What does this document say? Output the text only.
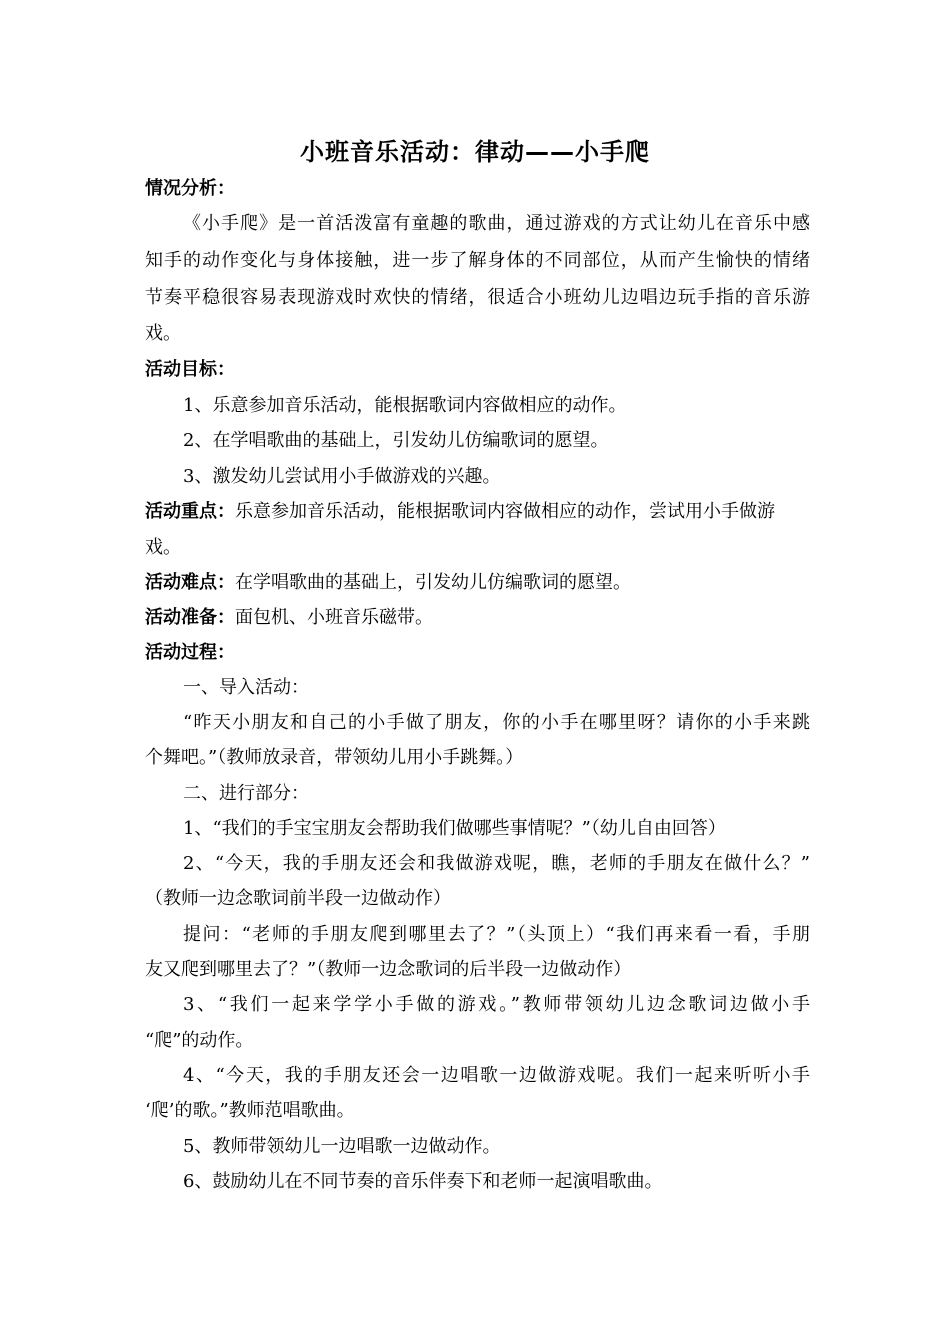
小班音乐活动：律动——小手爬
情况分析：
《小手爬》是一首活泼富有童趣的歌曲，通过游戏的方式让幼儿在音乐中感
知手的动作变化与身体接触，进一步了解身体的不同部位，从而产生愉快的情绪
节奏平稳很容易表现游戏时欢快的情绪，很适合小班幼儿边唱边玩手指的音乐游
戏。
活动目标：
1、乐意参加音乐活动，能根据歌词内容做相应的动作。
2、在学唱歌曲的基础上，引发幼儿仿编歌词的愿望。
3、激发幼儿尝试用小手做游戏的兴趣。
活动重点：乐意参加音乐活动，能根据歌词内容做相应的动作，尝试用小手做游
戏。
活动难点：在学唱歌曲的基础上，引发幼儿仿编歌词的愿望。
活动准备：面包机、小班音乐磁带。
活动过程：
一、导入活动：
“昨天小朋友和自己的小手做了朋友，你的小手在哪里呀？请你的小手来跳
个舞吧。”（教师放录音，带领幼儿用小手跳舞。）
二、进行部分：
1、“我们的手宝宝朋友会帮助我们做哪些事情呢？”（幼儿自由回答）
2、“今天，我的手朋友还会和我做游戏呢，瞧，老师的手朋友在做什么？”
（教师一边念歌词前半段一边做动作）
提问：“老师的手朋友爬到哪里去了？”（头顶上）“我们再来看一看，手朋
友又爬到哪里去了？”（教师一边念歌词的后半段一边做动作）
3、“我们一起来学学小手做的游戏。”教师带领幼儿边念歌词边做小手
“爬”的动作。
4、“今天，我的手朋友还会一边唱歌一边做游戏呢。我们一起来听听小手
‘爬’的歌。”教师范唱歌曲。
5、教师带领幼儿一边唱歌一边做动作。
6、鼓励幼儿在不同节奏的音乐伴奏下和老师一起演唱歌曲。
